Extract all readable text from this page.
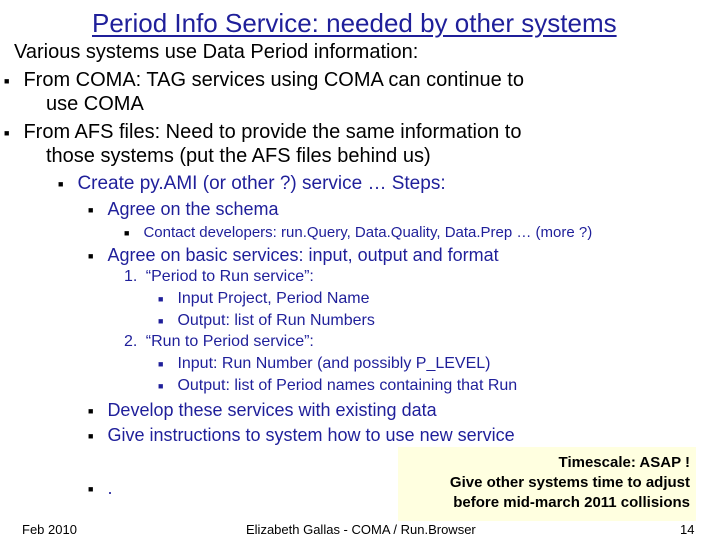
Period Info Service: needed by other systems
Various systems use Data Period information:
■ From COMA: TAG services using COMA can continue to
use COMA
■ From AFS files: Need to provide the same information to
those systems (put the AFS files behind us)
■ Create py.AMI (or other ?) service … Steps:
■ Agree on the schema
■ Contact developers: run.Query, Data.Quality, Data.Prep … (more ?)
■ Agree on basic services: input, output and format
1. “Period to Run service”:
■ Input Project, Period Name
■ Output: list of Run Numbers
2. “Run to Period service”:
■ Input: Run Number (and possibly P_LEVEL)
■ Output: list of Period names containing that Run
■ Develop these services with existing data
■ Give instructions to system how to use new service
■ .
Timescale: ASAP !
Give other systems time to adjust
before mid-march 2011 collisions
Feb 2010	Elizabeth Gallas - COMA / Run.Browser	14
